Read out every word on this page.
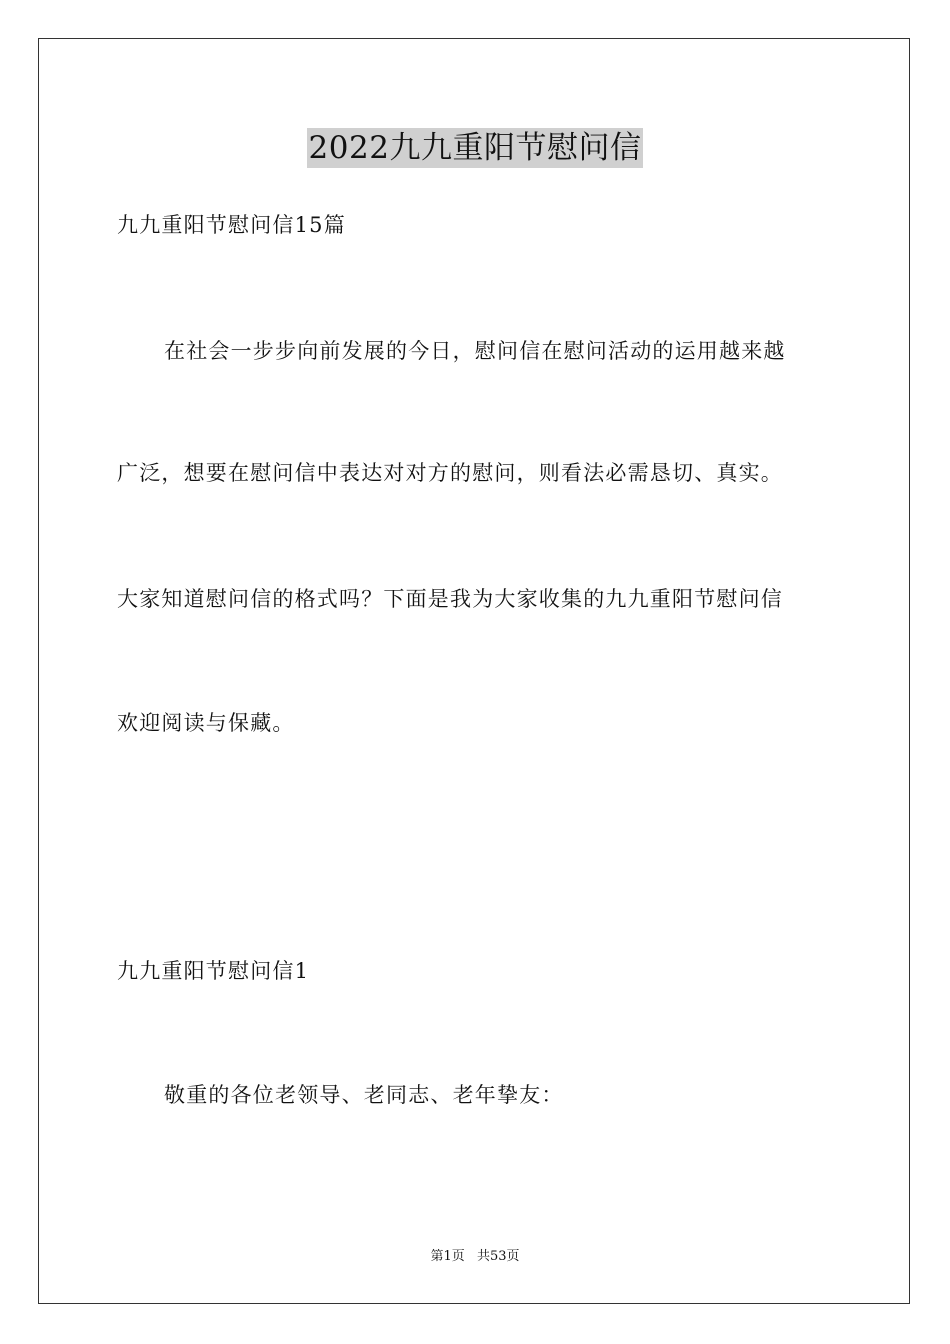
2022九九重阳节慰问信
九九重阳节慰问信15篇
在社会一步步向前发展的今日，慰问信在慰问活动的运用越来越
广泛，想要在慰问信中表达对对方的慰问，则看法必需恳切、真实。
大家知道慰问信的格式吗？下面是我为大家收集的九九重阳节慰问信
欢迎阅读与保藏。
九九重阳节慰问信1
敬重的各位老领导、老同志、老年挚友：
第1页 共53页
